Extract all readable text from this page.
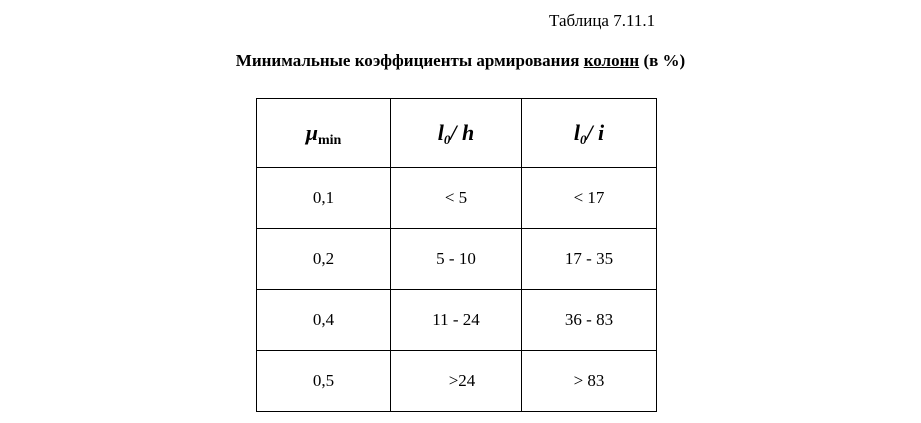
Таблица 7.11.1
Минимальные коэффициенты армирования колонн (в %)
$\mu_{min}$	$l_0/$ h	$l_0/$ i
0,1	< 5	< 17
0,2	5 - 10	17 - 35
0,4	11 - 24	36 - 83
0,5	>24	> 83
